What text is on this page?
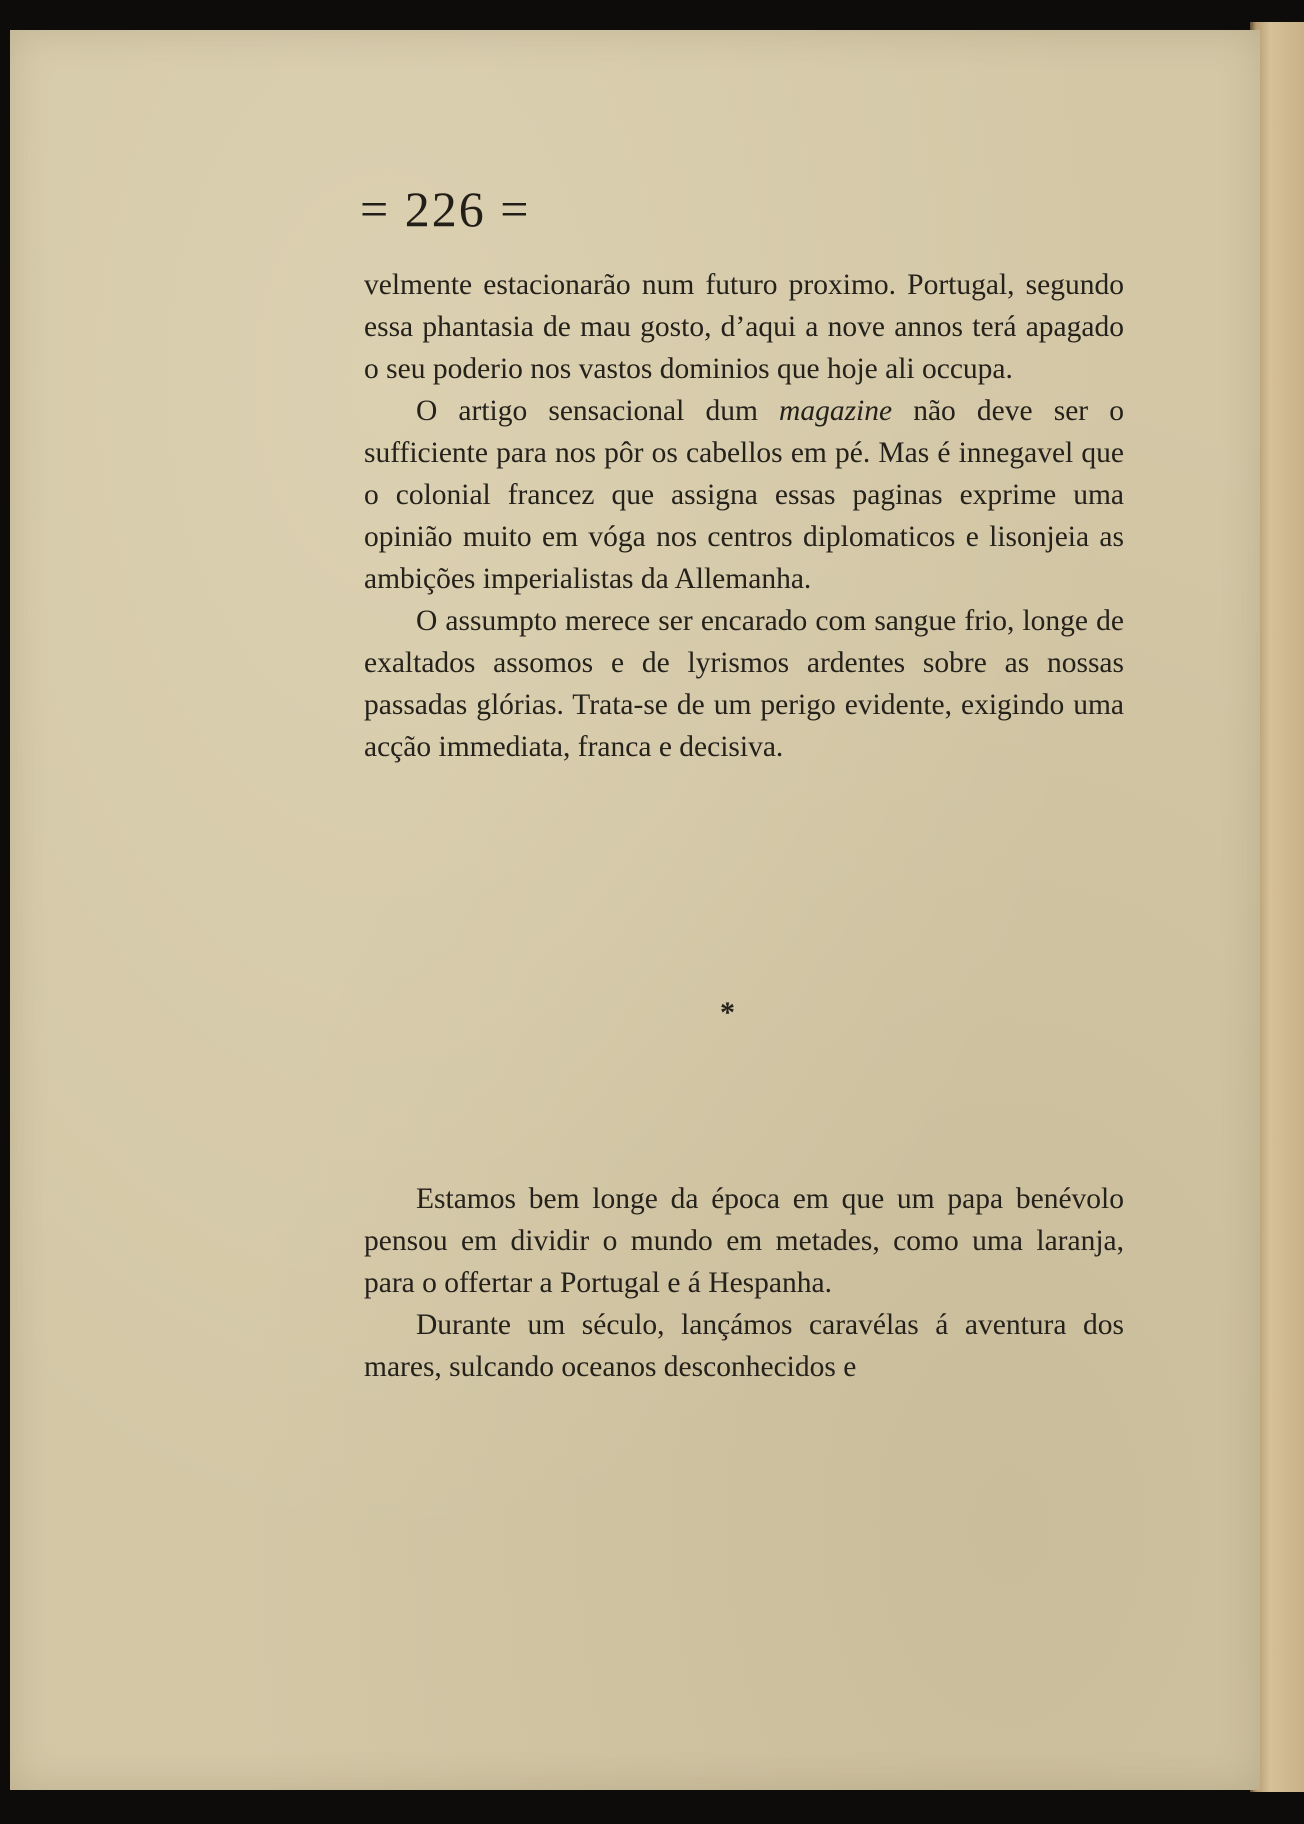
= 226 =

velmente estacionarão num futuro proximo. Portugal, segundo essa phantasia de mau gosto, d’aqui a nove annos terá apagado o seu poderio nos vastos dominios que hoje ali occupa.

O artigo sensacional dum magazine não deve ser o sufficiente para nos pôr os cabellos em pé. Mas é innegavel que o colonial francez que assigna essas paginas exprime uma opinião muito em vóga nos centros diplomaticos e lisonjeia as ambições imperialistas da Allemanha.

O assumpto merece ser encarado com sangue frio, longe de exaltados assomos e de lyrismos ardentes sobre as nossas passadas glórias. Trata-se de um perigo evidente, exigindo uma acção immediata, franca e decisiva.

*

Estamos bem longe da época em que um papa benévolo pensou em dividir o mundo em metades, como uma laranja, para o offertar a Portugal e á Hespanha.

Durante um século, lançámos caravélas á aventura dos mares, sulcando oceanos desconhecidos e
